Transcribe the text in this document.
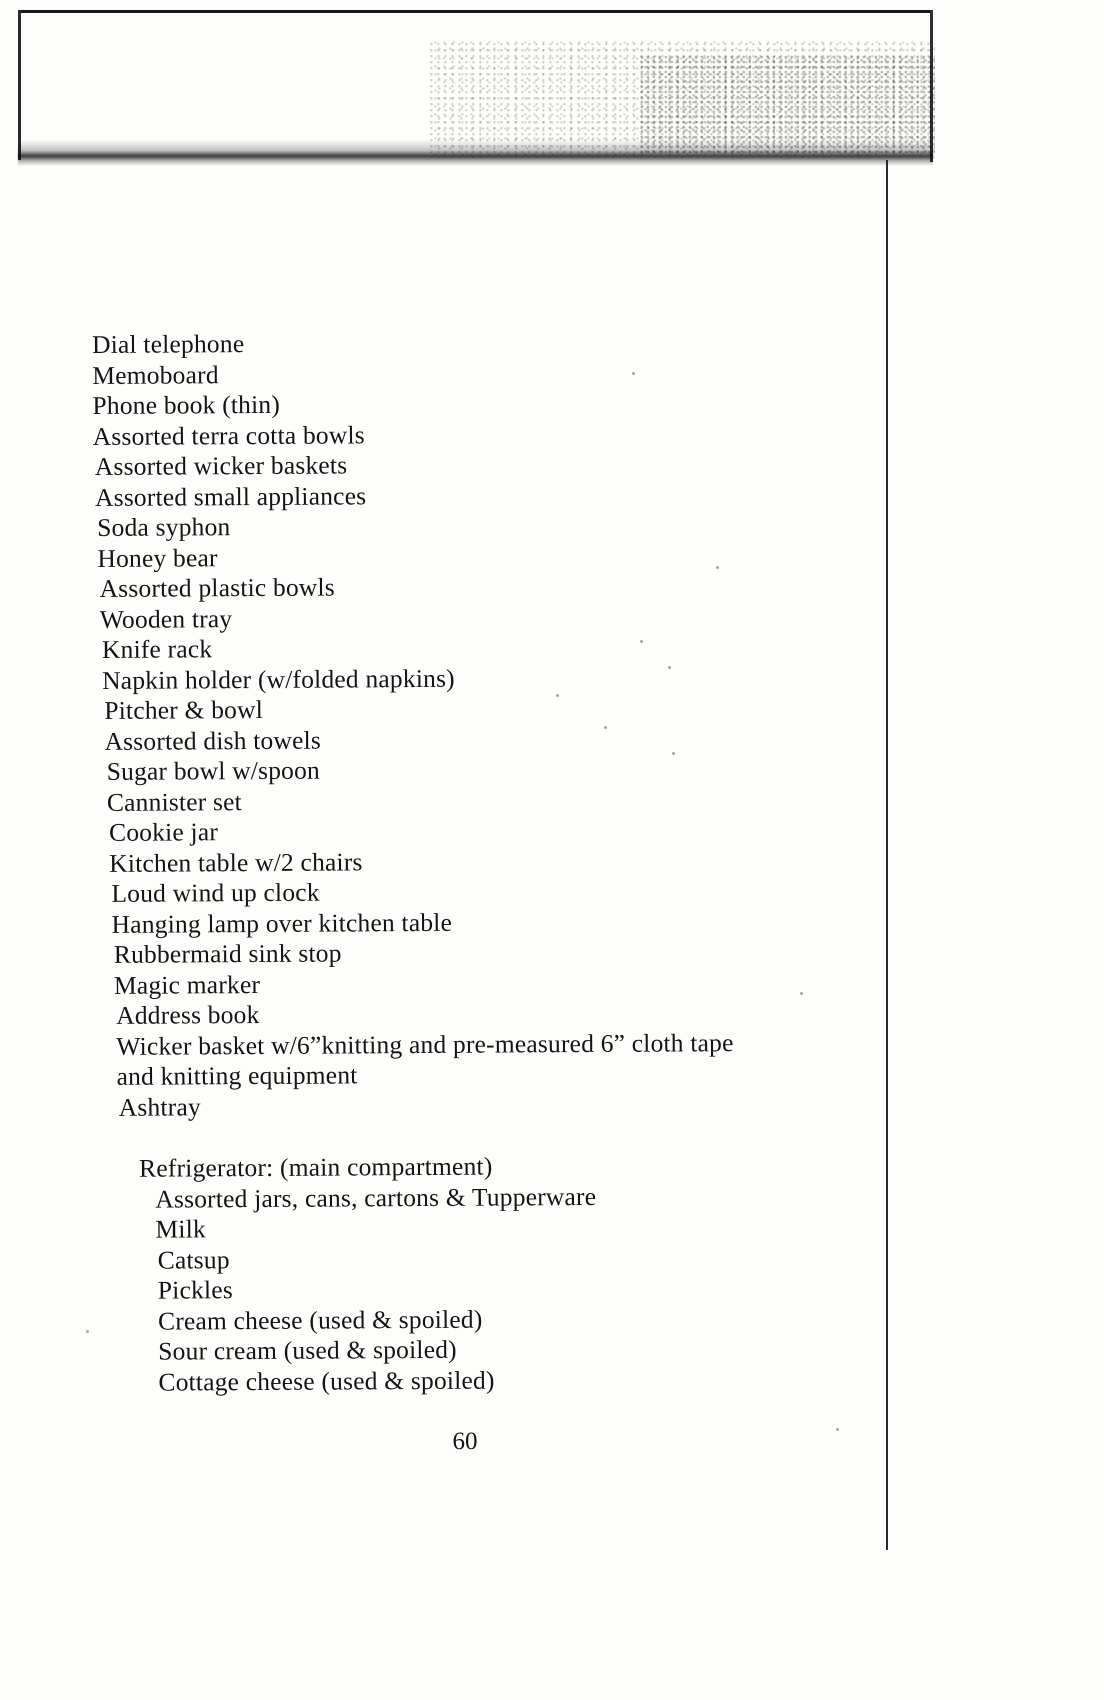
Dial telephone
Memoboard
Phone book (thin)
Assorted terra cotta bowls
Assorted wicker baskets
Assorted small appliances
Soda syphon
Honey bear
Assorted plastic bowls
Wooden tray
Knife rack
Napkin holder (w/folded napkins)
Pitcher & bowl
Assorted dish towels
Sugar bowl w/spoon
Cannister set
Cookie jar
Kitchen table w/2 chairs
Loud wind up clock
Hanging lamp over kitchen table
Rubbermaid sink stop
Magic marker
Address book
Wicker basket w/6”knitting and pre-measured 6” cloth tape
and knitting equipment
Ashtray
Refrigerator: (main compartment)
Assorted jars, cans, cartons & Tupperware
Milk
Catsup
Pickles
Cream cheese (used & spoiled)
Sour cream (used & spoiled)
Cottage cheese (used & spoiled)
60
